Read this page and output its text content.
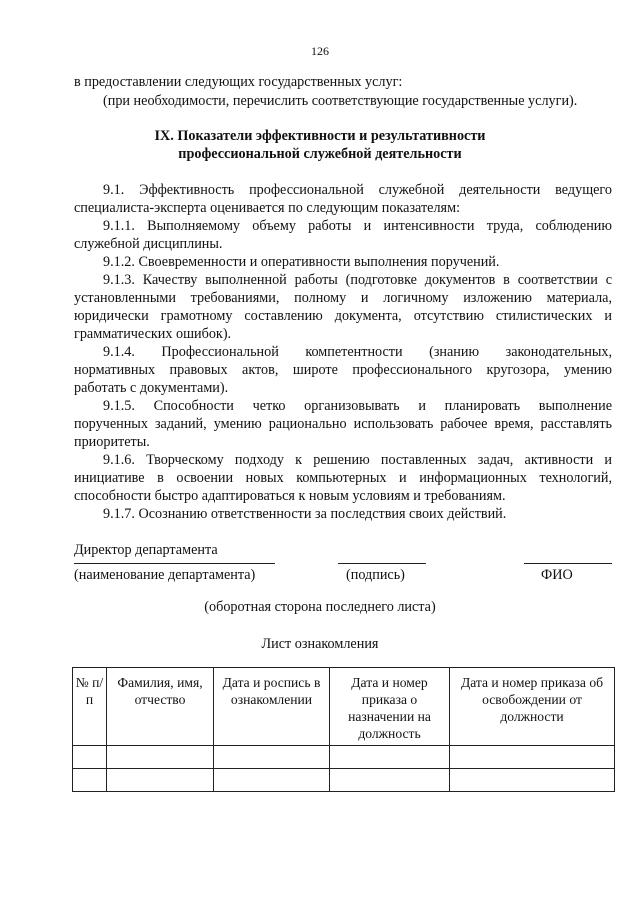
126
в предоставлении следующих государственных услуг:
(при необходимости, перечислить соответствующие государственные услуги).
IX. Показатели эффективности и результативности
профессиональной служебной деятельности
9.1. Эффективность профессиональной служебной деятельности ведущего
специалиста-эксперта оценивается по следующим показателям:
9.1.1. Выполняемому объему работы и интенсивности труда, соблюдению
служебной дисциплины.
9.1.2. Своевременности и оперативности выполнения поручений.
9.1.3. Качеству выполненной работы (подготовке документов в соответствии с
установленными требованиями, полному и логичному изложению материала,
юридически грамотному составлению документа, отсутствию стилистических и
грамматических ошибок).
9.1.4. Профессиональной компетентности (знанию законодательных,
нормативных правовых актов, широте профессионального кругозора, умению
работать с документами).
9.1.5. Способности четко организовывать и планировать выполнение
порученных заданий, умению рационально использовать рабочее время, расставлять
приоритеты.
9.1.6. Творческому подходу к решению поставленных задач, активности и
инициативе в освоении новых компьютерных и информационных технологий,
способности быстро адаптироваться к новым условиям и требованиям.
9.1.7. Осознанию ответственности за последствия своих действий.
Директор департамента
(наименование департамента)	(подпись)	ФИО
(оборотная сторона последнего листа)
Лист ознакомления
№ п/п	Фамилия, имя, отчество	Дата и роспись в ознакомлении	Дата и номер приказа о назначении на должность	Дата и номер приказа об освобождении от должности
